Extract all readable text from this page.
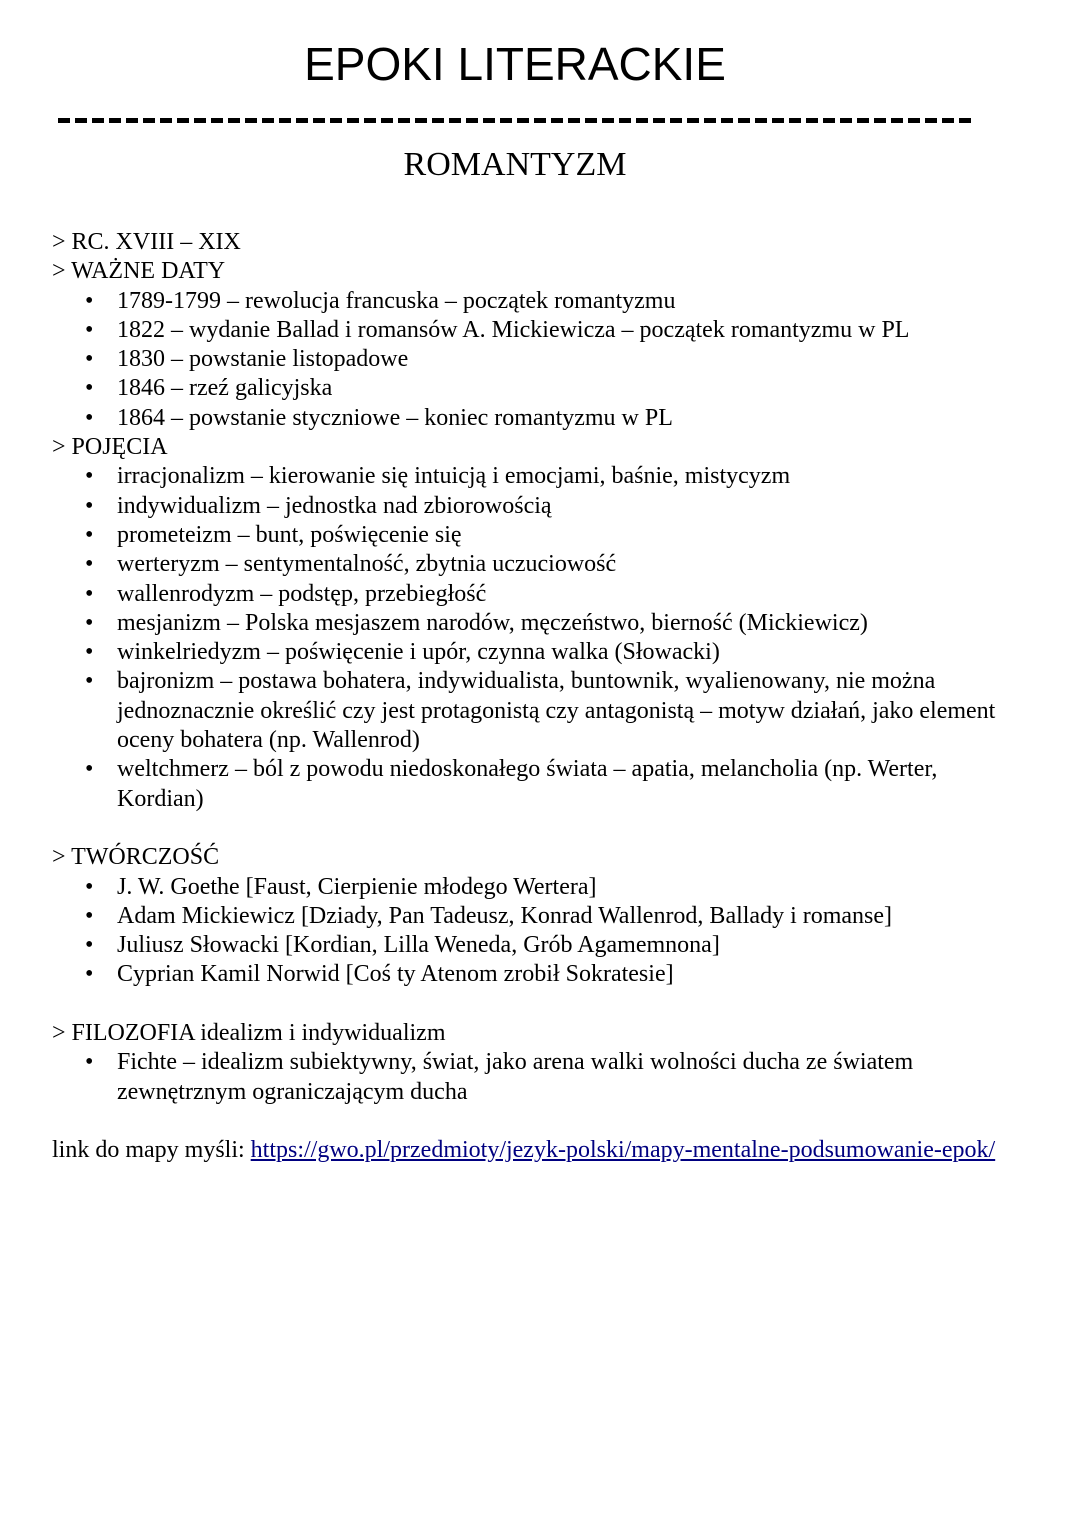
EPOKI LITERACKIE
ROMANTYZM

> RC. XVIII – XIX

> WAŻNE DATY

• 1789-1799 – rewolucja francuska – początek romantyzmu
• 1822 – wydanie Ballad i romansów A. Mickiewicza – początek romantyzmu w PL
• 1830 – powstanie listopadowe
• 1846 – rzeź galicyjska
• 1864 – powstanie styczniowe – koniec romantyzmu w PL

> POJĘCIA

• irracjonalizm – kierowanie się intuicją i emocjami, baśnie, mistycyzm
• indywidualizm – jednostka nad zbiorowością
• prometeizm – bunt, poświęcenie się
• werteryzm – sentymentalność, zbytnia uczuciowość
• wallenrodyzm – podstęp, przebiegłość
• mesjanizm – Polska mesjaszem narodów, męczeństwo, bierność (Mickiewicz)
• winkelriedyzm – poświęcenie i upór, czynna walka (Słowacki)
• bajronizm – postawa bohatera, indywidualista, buntownik, wyalienowany, nie można jednoznacznie określić czy jest protagonistą czy antagonistą – motyw działań, jako element oceny bohatera (np. Wallenrod)
• weltchmerz – ból z powodu niedoskonałego świata – apatia, melancholia (np. Werter, Kordian)

> TWÓRCZOŚĆ

• J. W. Goethe [Faust, Cierpienie młodego Wertera]
• Adam Mickiewicz [Dziady, Pan Tadeusz, Konrad Wallenrod, Ballady i romanse]
• Juliusz Słowacki [Kordian, Lilla Weneda, Grób Agamemnona]
• Cyprian Kamil Norwid [Coś ty Atenom zrobił Sokratesie]

> FILOZOFIA idealizm i indywidualizm

• Fichte – idealizm subiektywny, świat, jako arena walki wolności ducha ze światem zewnętrznym ograniczającym ducha

link do mapy myśli: https://gwo.pl/przedmioty/jezyk-polski/mapy-mentalne-podsumowanie-epok/
